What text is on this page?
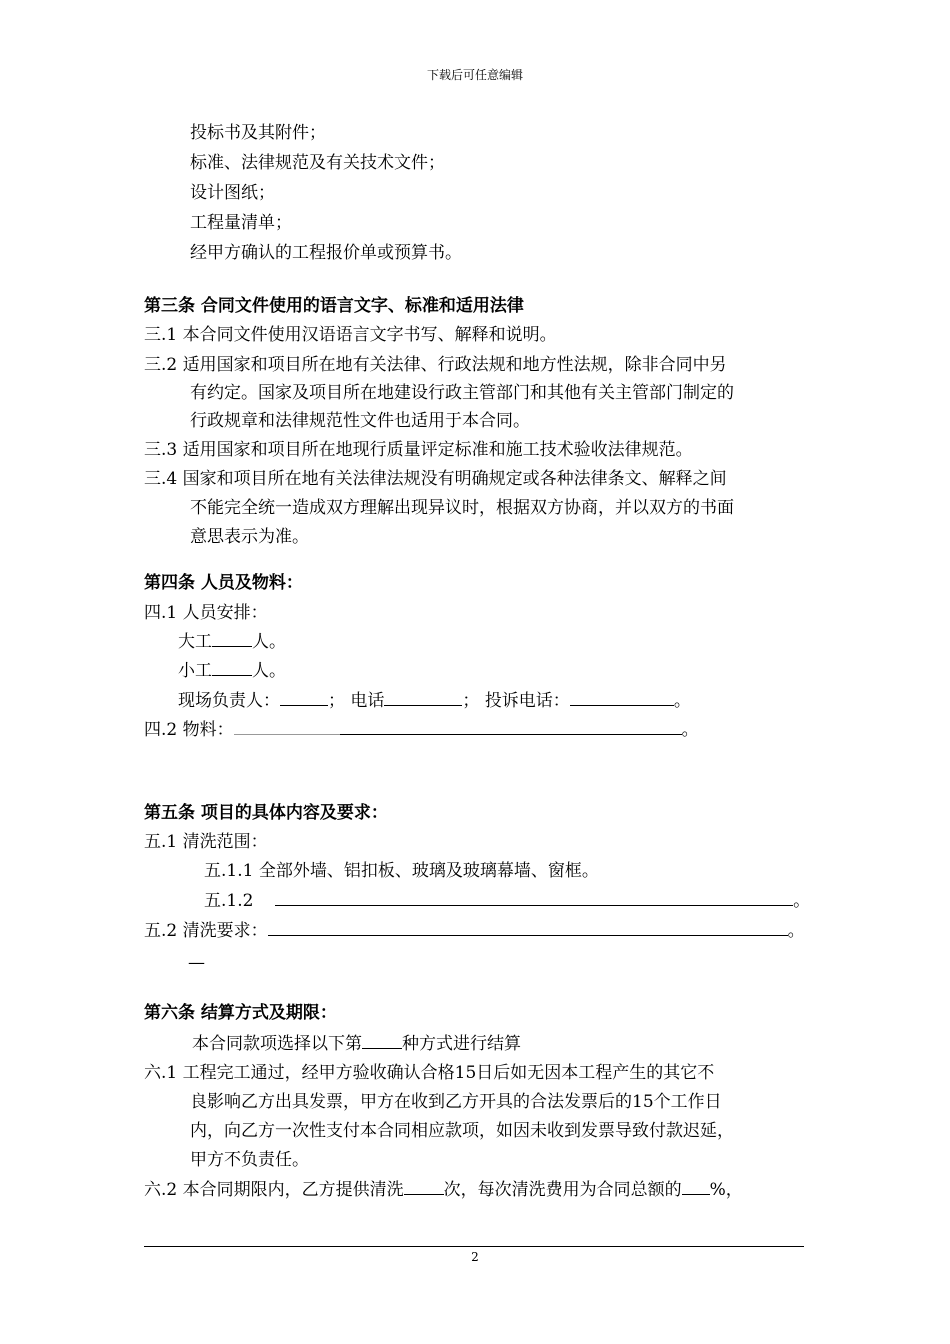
下载后可任意编辑
投标书及其附件；
标准、法律规范及有关技术文件；
设计图纸；
工程量清单；
经甲方确认的工程报价单或预算书。
第三条 合同文件使用的语言文字、标准和适用法律
三.1 本合同文件使用汉语语言文字书写、解释和说明。
三.2 适用国家和项目所在地有关法律、行政法规和地方性法规，除非合同中另
有约定。国家及项目所在地建设行政主管部门和其他有关主管部门制定的
行政规章和法律规范性文件也适用于本合同。
三.3 适用国家和项目所在地现行质量评定标准和施工技术验收法律规范。
三.4 国家和项目所在地有关法律法规没有明确规定或各种法律条文、解释之间
不能完全统一造成双方理解出现异议时，根据双方协商，并以双方的书面
意思表示为准。
第四条 人员及物料：
四.1 人员安排：
大工 人。
小工 人。
现场负责人：	； 电话	； 投诉电话：	。
四.2 物料：	。
第五条 项目的具体内容及要求：
五.1 清洗范围：
五.1.1 全部外墙、铝扣板、玻璃及玻璃幕墙、窗框。
五.1.2	。
五.2 清洗要求：	。
—
第六条 结算方式及期限：
本合同款项选择以下第 种方式进行结算
六.1 工程完工通过，经甲方验收确认合格15日后如无因本工程产生的其它不
良影响乙方出具发票，甲方在收到乙方开具的合法发票后的15个工作日
内，向乙方一次性支付本合同相应款项，如因未收到发票导致付款迟延，
甲方不负责任。
六.2 本合同期限内，乙方提供清洗 次，每次清洗费用为合同总额的 %，
2
